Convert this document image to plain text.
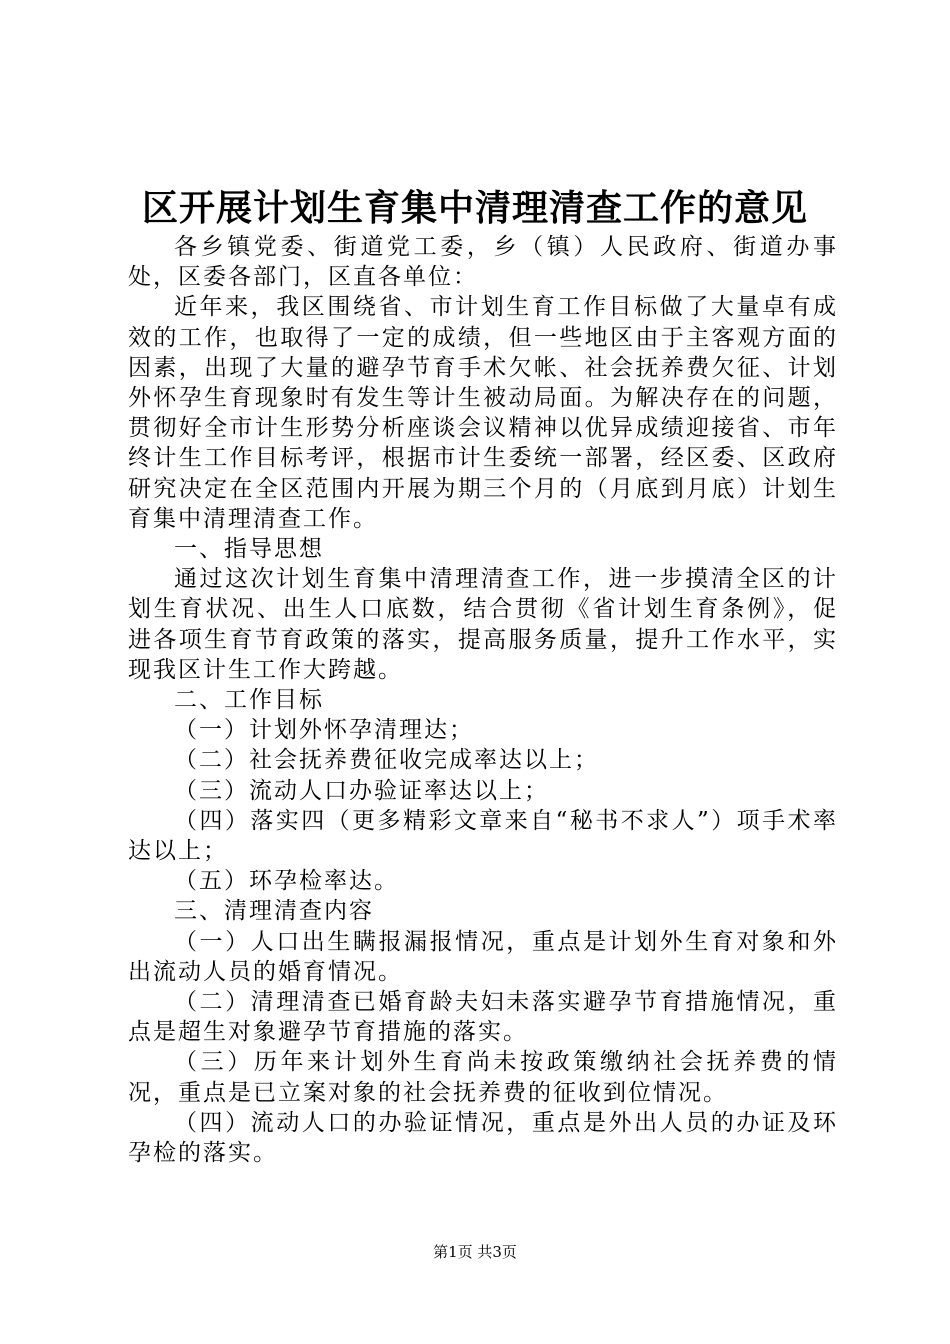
区开展计划生育集中清理清查工作的意见

各乡镇党委、街道党工委，乡（镇）人民政府、街道办事处，区委各部门，区直各单位：

近年来，我区围绕省、市计划生育工作目标做了大量卓有成效的工作，也取得了一定的成绩，但一些地区由于主客观方面的因素，出现了大量的避孕节育手术欠帐、社会抚养费欠征、计划外怀孕生育现象时有发生等计生被动局面。为解决存在的问题，贯彻好全市计生形势分析座谈会议精神以优异成绩迎接省、市年终计生工作目标考评，根据市计生委统一部署，经区委、区政府研究决定在全区范围内开展为期三个月的（月底到月底）计划生育集中清理清查工作。

一、指导思想

通过这次计划生育集中清理清查工作，进一步摸清全区的计划生育状况、出生人口底数，结合贯彻《省计划生育条例》，促进各项生育节育政策的落实，提高服务质量，提升工作水平，实现我区计生工作大跨越。

二、工作目标

（一）计划外怀孕清理达；

（二）社会抚养费征收完成率达以上；

（三）流动人口办验证率达以上；

（四）落实四（更多精彩文章来自“秘书不求人”）项手术率达以上；

（五）环孕检率达。

三、清理清查内容

（一）人口出生瞒报漏报情况，重点是计划外生育对象和外出流动人员的婚育情况。

（二）清理清查已婚育龄夫妇未落实避孕节育措施情况，重点是超生对象避孕节育措施的落实。

（三）历年来计划外生育尚未按政策缴纳社会抚养费的情况，重点是已立案对象的社会抚养费的征收到位情况。

（四）流动人口的办验证情况，重点是外出人员的办证及环孕检的落实。

第1页 共3页
